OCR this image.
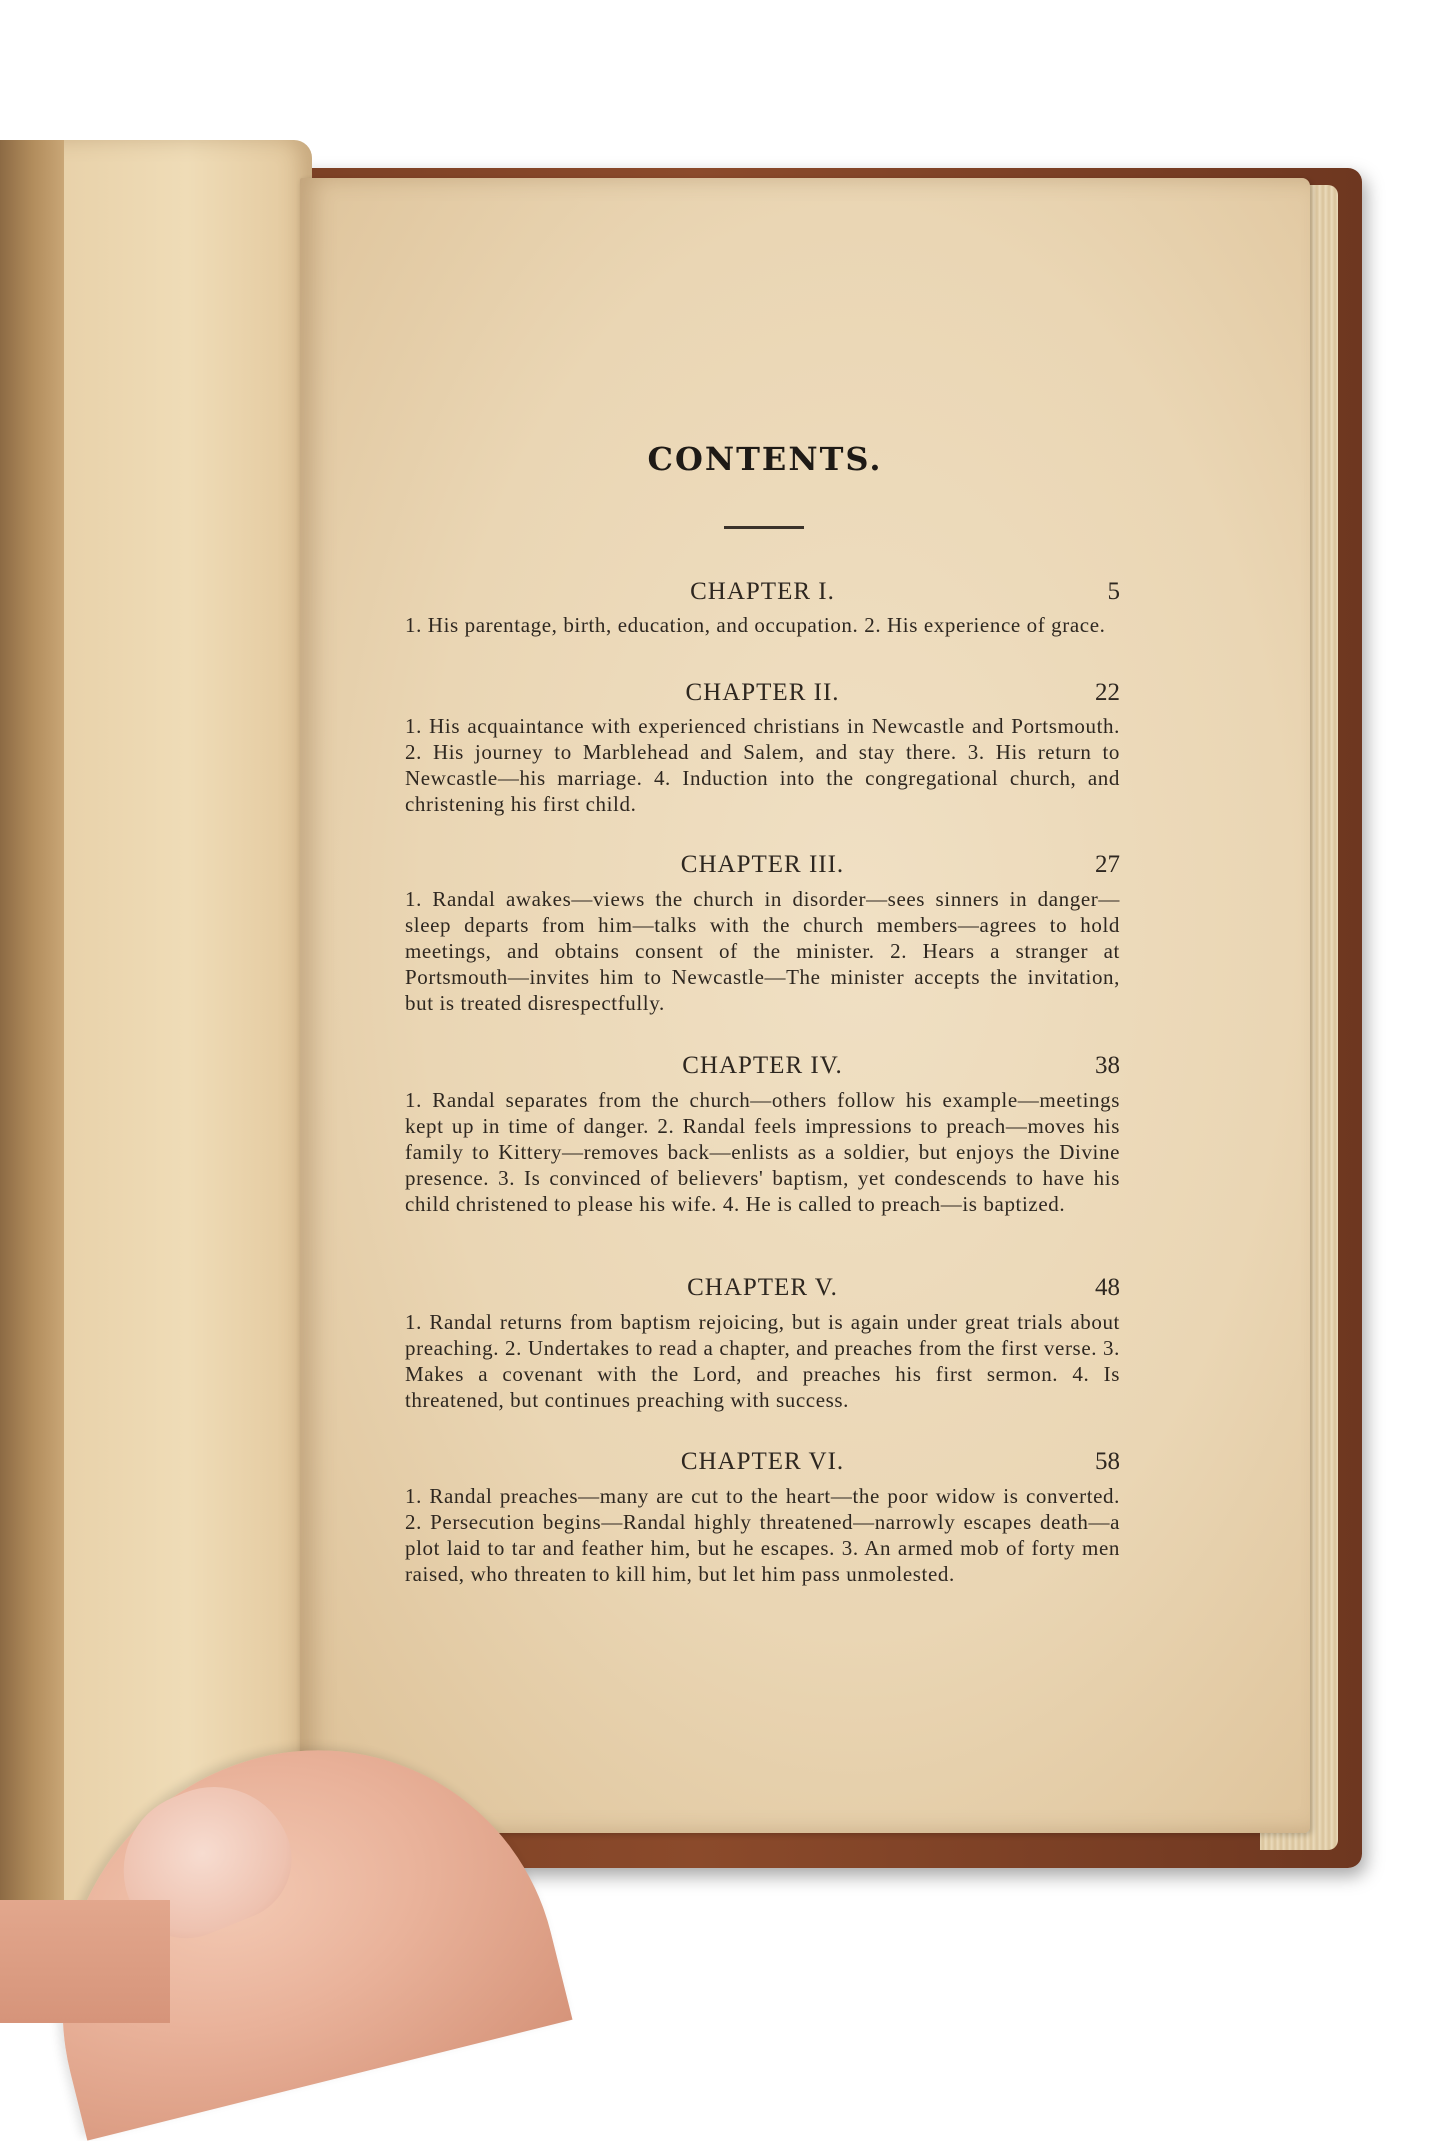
CONTENTS.
CHAPTER I.	5
1. His parentage, birth, education, and occupation. 2. His experience of grace.
CHAPTER II.	22
1. His acquaintance with experienced christians in Newcastle and Portsmouth. 2. His journey to Marblehead and Salem, and stay there. 3. His return to Newcastle—his marriage. 4. Induction into the congregational church, and christening his first child.
CHAPTER III.	27
1. Randal awakes—views the church in disorder—sees sinners in danger—sleep departs from him—talks with the church members—agrees to hold meetings, and obtains consent of the minister. 2. Hears a stranger at Portsmouth—invites him to Newcastle—The minister accepts the invitation, but is treated disrespectfully.
CHAPTER IV.	38
1. Randal separates from the church—others follow his example—meetings kept up in time of danger. 2. Randal feels impressions to preach—moves his family to Kittery—removes back—enlists as a soldier, but enjoys the Divine presence. 3. Is convinced of believers' baptism, yet condescends to have his child christened to please his wife. 4. He is called to preach—is baptized.
CHAPTER V.	48
1. Randal returns from baptism rejoicing, but is again under great trials about preaching. 2. Undertakes to read a chapter, and preaches from the first verse. 3. Makes a covenant with the Lord, and preaches his first sermon. 4. Is threatened, but continues preaching with success.
CHAPTER VI.	58
1. Randal preaches—many are cut to the heart—the poor widow is converted. 2. Persecution begins—Randal highly threatened—narrowly escapes death—a plot laid to tar and feather him, but he escapes. 3. An armed mob of forty men raised, who threaten to kill him, but let him pass unmolested.
